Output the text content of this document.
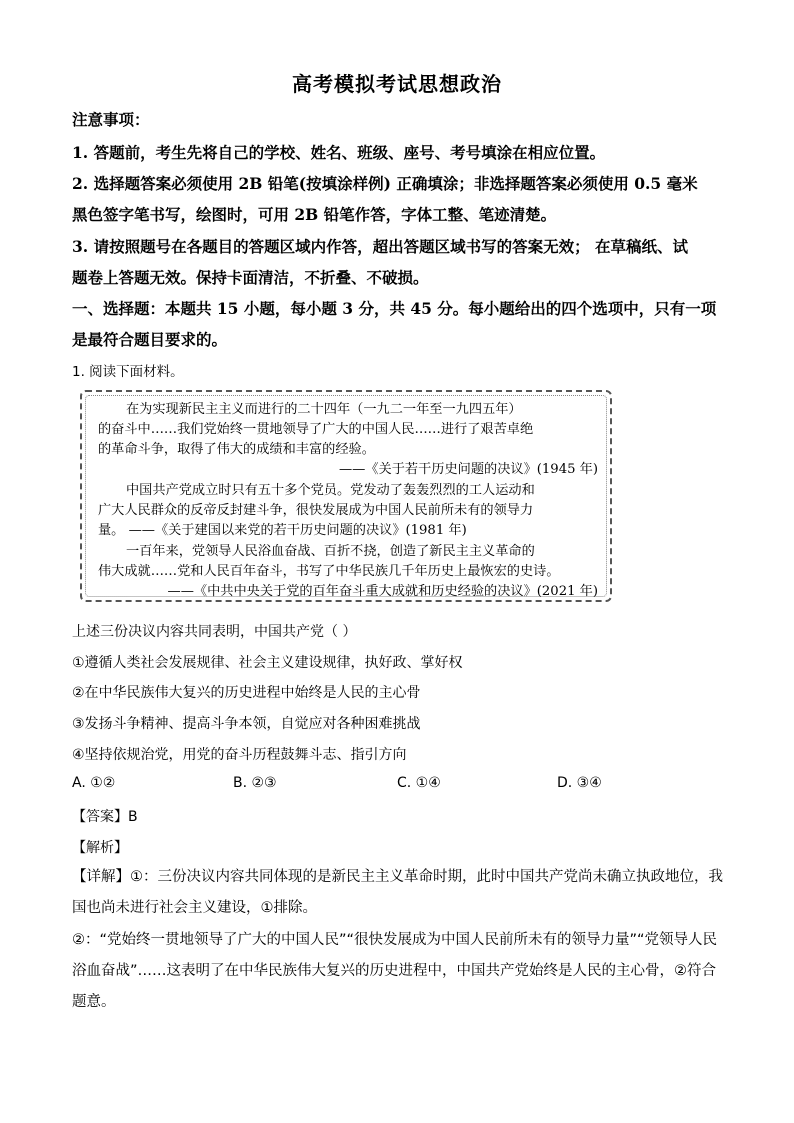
高考模拟考试思想政治
注意事项：
1. 答题前，考生先将自己的学校、姓名、班级、座号、考号填涂在相应位置。
2. 选择题答案必须使用 2B 铅笔(按填涂样例) 正确填涂；非选择题答案必须使用 0.5 毫米
黑色签字笔书写，绘图时，可用 2B 铅笔作答，字体工整、笔迹清楚。
3. 请按照题号在各题目的答题区域内作答，超出答题区域书写的答案无效； 在草稿纸、试
题卷上答题无效。保持卡面清洁，不折叠、不破损。
一、选择题：本题共 15 小题，每小题 3 分，共 45 分。每小题给出的四个选项中，只有一项
是最符合题目要求的。
1. 阅读下面材料。
在为实现新民主主义而进行的二十四年（一九二一年至一九四五年）
的奋斗中……我们党始终一贯地领导了广大的中国人民……进行了艰苦卓绝
的革命斗争，取得了伟大的成绩和丰富的经验。
——《关于若干历史问题的决议》(1945 年)
中国共产党成立时只有五十多个党员。党发动了轰轰烈烈的工人运动和
广大人民群众的反帝反封建斗争，很快发展成为中国人民前所未有的领导力
量。 ——《关于建国以来党的若干历史问题的决议》(1981 年)
一百年来，党领导人民浴血奋战、百折不挠，创造了新民主主义革命的
伟大成就……党和人民百年奋斗，书写了中华民族几千年历史上最恢宏的史诗。
——《中共中央关于党的百年奋斗重大成就和历史经验的决议》(2021 年)
上述三份决议内容共同表明，中国共产党（ ）
①遵循人类社会发展规律、社会主义建设规律，执好政、掌好权
②在中华民族伟大复兴的历史进程中始终是人民的主心骨
③发扬斗争精神、提高斗争本领，自觉应对各种困难挑战
④坚持依规治党，用党的奋斗历程鼓舞斗志、指引方向
A. ①②	B. ②③	C. ①④	D. ③④
【答案】B
【解析】
【详解】①：三份决议内容共同体现的是新民主主义革命时期，此时中国共产党尚未确立执政地位，我国也尚未进行社会主义建设，①排除。
②：“党始终一贯地领导了广大的中国人民”“很快发展成为中国人民前所未有的领导力量”“党领导人民浴血奋战”……这表明了在中华民族伟大复兴的历史进程中，中国共产党始终是人民的主心骨，②符合题意。
